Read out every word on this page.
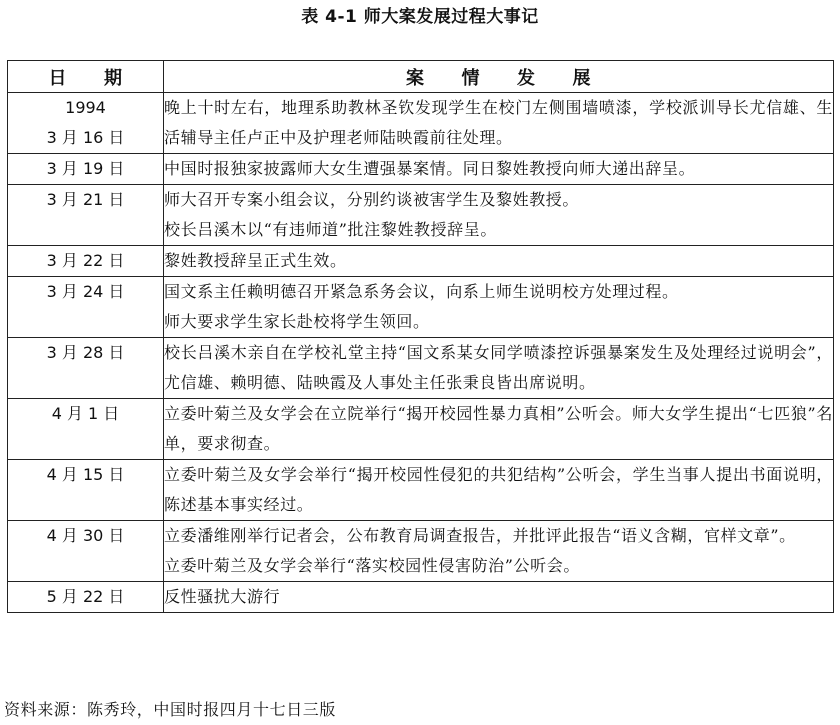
表 4-1 师大案发展过程大事记
日　　期	案　　情　　发　　展

1994
3 月 16 日	晚上十时左右，地理系助教林圣钦发现学生在校门左侧围墙喷漆，学校派训导长尤信雄、生活辅导主任卢正中及护理老师陆映霞前往处理。

3 月 19 日	中国时报独家披露师大女生遭强暴案情。同日黎姓教授向师大递出辞呈。

3 月 21 日	师大召开专案小组会议，分别约谈被害学生及黎姓教授。

校长吕溪木以“有违师道”批注黎姓教授辞呈。

3 月 22 日	黎姓教授辞呈正式生效。

3 月 24 日	国文系主任赖明德召开紧急系务会议，向系上师生说明校方处理过程。

师大要求学生家长赴校将学生领回。

3 月 28 日	校长吕溪木亲自在学校礼堂主持“国文系某女同学喷漆控诉强暴案发生及处理经过说明会”，尤信雄、赖明德、陆映霞及人事处主任张秉良皆出席说明。

4 月 1 日	立委叶菊兰及女学会在立院举行“揭开校园性暴力真相”公听会。师大女学生提出“七匹狼”名单，要求彻查。

4 月 15 日	立委叶菊兰及女学会举行“揭开校园性侵犯的共犯结构”公听会，学生当事人提出书面说明，陈述基本事实经过。

4 月 30 日	立委潘维刚举行记者会，公布教育局调查报告，并批评此报告“语义含糊，官样文章”。

立委叶菊兰及女学会举行“落实校园性侵害防治”公听会。

5 月 22 日	反性骚扰大游行

资料来源：陈秀玲，中国时报四月十七日三版
